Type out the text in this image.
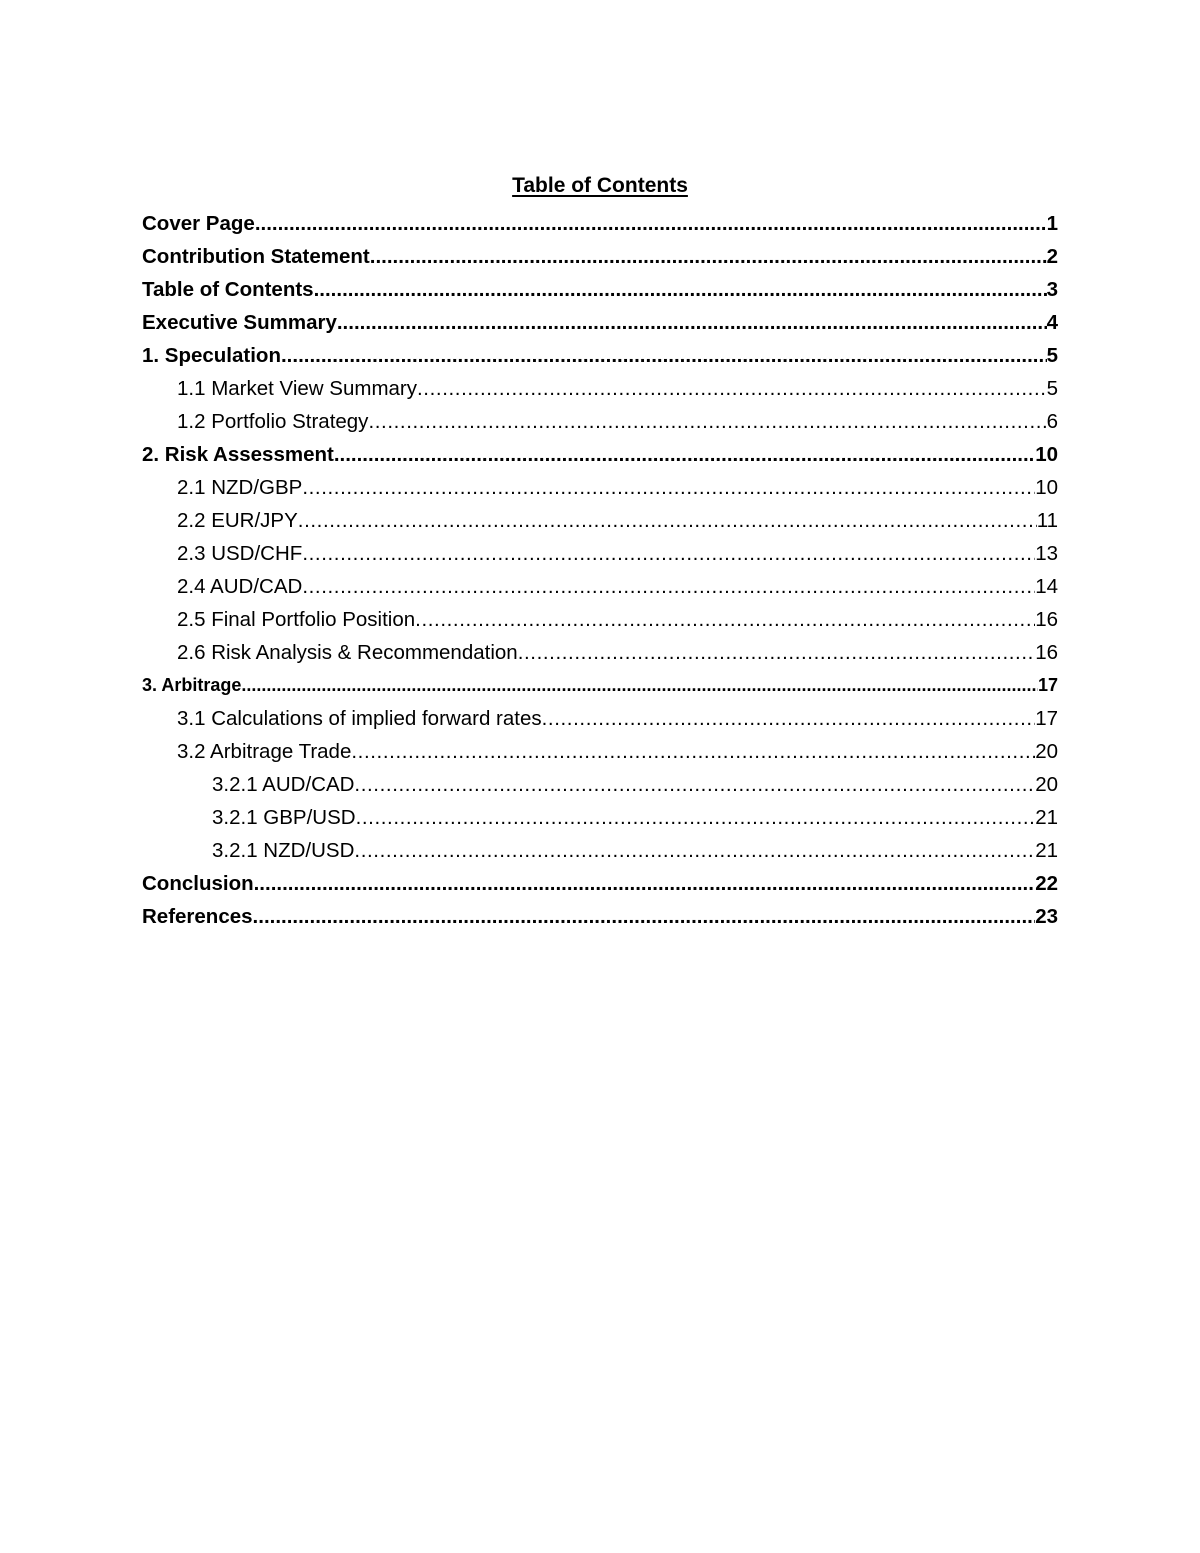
Table of Contents
Cover Page .....	1
Contribution Statement .....	2
Table of Contents .....	3
Executive Summary .....	4
1. Speculation .....	5
1.1 Market View Summary .....	5
1.2 Portfolio Strategy .....	6
2. Risk Assessment .....	10
2.1 NZD/GBP .....	10
2.2 EUR/JPY .....	11
2.3 USD/CHF .....	13
2.4 AUD/CAD .....	14
2.5 Final Portfolio Position .....	16
2.6 Risk Analysis & Recommendation .....	16
3. Arbitrage .....	17
3.1 Calculations of implied forward rates .....	17
3.2 Arbitrage Trade .....	20
3.2.1 AUD/CAD .....	20
3.2.1 GBP/USD .....	21
3.2.1 NZD/USD .....	21
Conclusion .....	22
References .....	23
